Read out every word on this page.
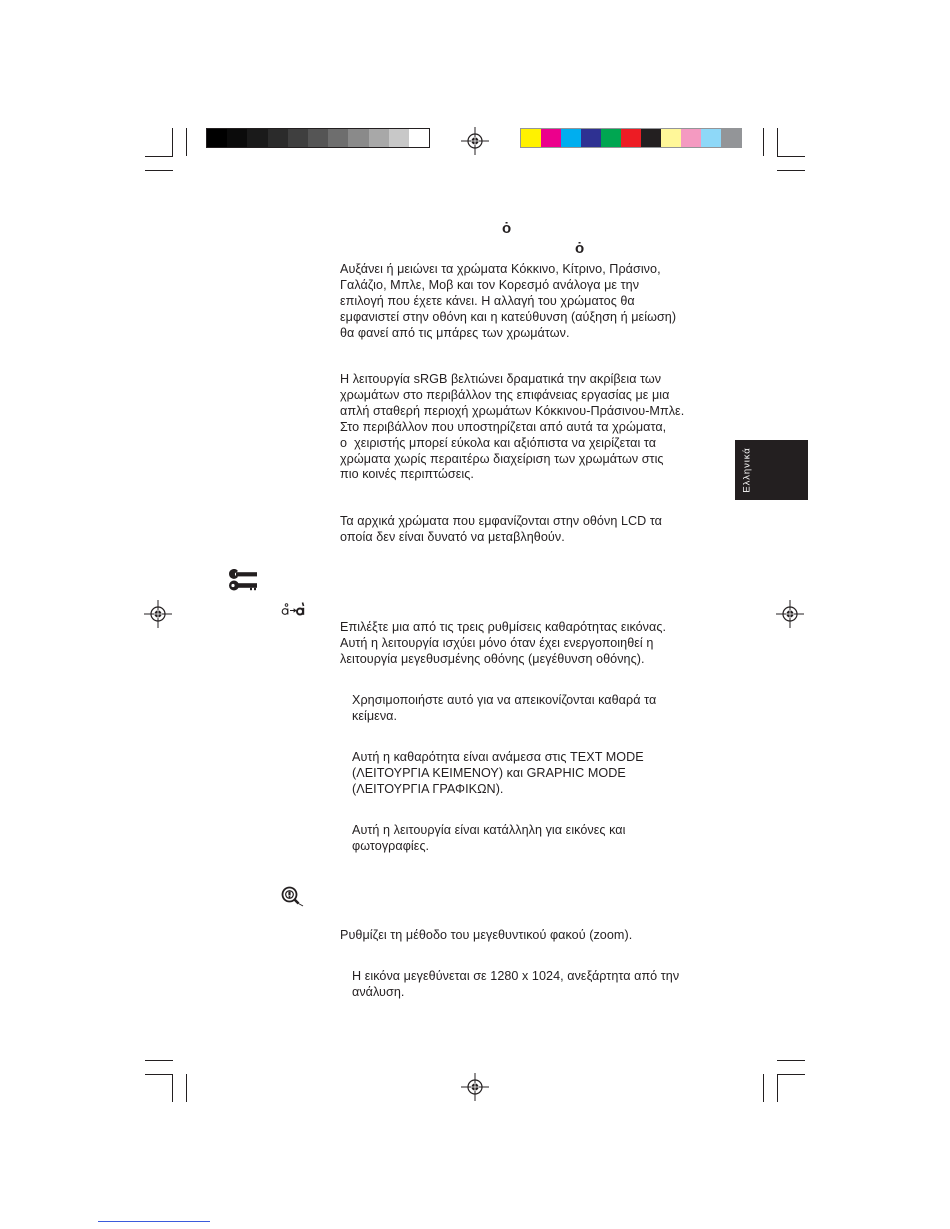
ȯ
ȯ
Αυξάνει ή μειώνει τα χρώματα Κόκκινο, Κίτρινο, Πράσινο,
Γαλάζιο, Μπλε, Μοβ και τον Κορεσμό ανάλογα με την
επιλογή που έχετε κάνει. Η αλλαγή του χρώματος θα
εμφανιστεί στην οθόνη και η κατεύθυνση (αύξηση ή μείωση)
θα φανεί από τις μπάρες των χρωμάτων.
Η λειτουργία sRGB βελτιώνει δραματικά την ακρίβεια των
χρωμάτων στο περιβάλλον της επιφάνειας εργασίας με μια
απλή σταθερή περιοχή χρωμάτων Κόκκινου-Πράσινου-Μπλε.
Στο περιβάλλον που υποστηρίζεται από αυτά τα χρώματα,
ο  χειριστής μπορεί εύκολα και αξιόπιστα να χειρίζεται τα
χρώματα χωρίς περαιτέρω διαχείριση των χρωμάτων στις
πιο κοινές περιπτώσεις.
Τα αρχικά χρώματα που εμφανίζονται στην οθόνη LCD τα
οποία δεν είναι δυνατό να μεταβληθούν.
Ελληνικά
Επιλέξτε μια από τις τρεις ρυθμίσεις καθαρότητας εικόνας.
Αυτή η λειτουργία ισχύει μόνο όταν έχει ενεργοποιηθεί η
λειτουργία μεγεθυσμένης οθόνης (μεγέθυνση οθόνης).
Χρησιμοποιήστε αυτό για να απεικονίζονται καθαρά τα
κείμενα.
Αυτή η καθαρότητα είναι ανάμεσα στις TEXT MODE
(ΛΕΙΤΟΥΡΓΙΑ ΚΕΙΜΕΝΟΥ) και GRAPHIC MODE
(ΛΕΙΤΟΥΡΓΙΑ ΓΡΑΦΙΚΩΝ).
Αυτή η λειτουργία είναι κατάλληλη για εικόνες και
φωτογραφίες.
Ρυθμίζει τη μέθοδο του μεγεθυντικού φακού (zoom).
Η εικόνα μεγεθύνεται σε 1280 x 1024, ανεξάρτητα από την
ανάλυση.
